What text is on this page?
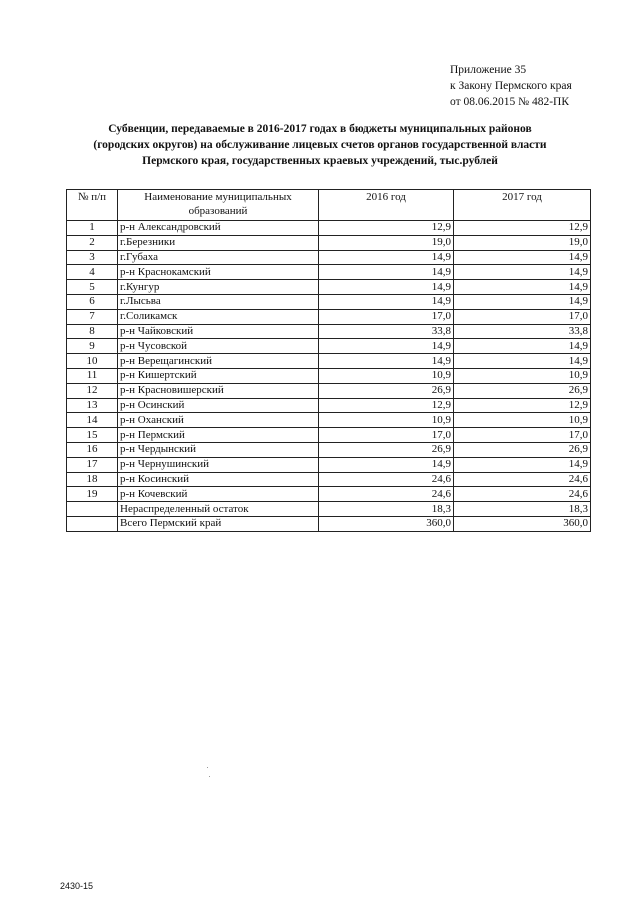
Приложение 35
к Закону Пермского края
от 08.06.2015 № 482-ПК
Субвенции, передаваемые в 2016-2017 годах в бюджеты муниципальных районов
(городских округов) на обслуживание лицевых счетов органов государственной власти
Пермского края, государственных краевых учреждений, тыс.рублей
№ п/п	Наименование муниципальных образований	2016 год	2017 год
1	р-н Александровский	12,9	12,9
2	г.Березники	19,0	19,0
3	г.Губаха	14,9	14,9
4	р-н Краснокамский	14,9	14,9
5	г.Кунгур	14,9	14,9
6	г.Лысьва	14,9	14,9
7	г.Соликамск	17,0	17,0
8	р-н Чайковский	33,8	33,8
9	р-н Чусовской	14,9	14,9
10	р-н Верещагинский	14,9	14,9
11	р-н Кишертский	10,9	10,9
12	р-н Красновишерский	26,9	26,9
13	р-н Осинский	12,9	12,9
14	р-н Оханский	10,9	10,9
15	р-н Пермский	17,0	17,0
16	р-н Чердынский	26,9	26,9
17	р-н Чернушинский	14,9	14,9
18	р-н Косинский	24,6	24,6
19	р-н Кочевский	24,6	24,6
	Нераспределенный остаток	18,3	18,3
	Всего Пермский край	360,0	360,0
2430-15
